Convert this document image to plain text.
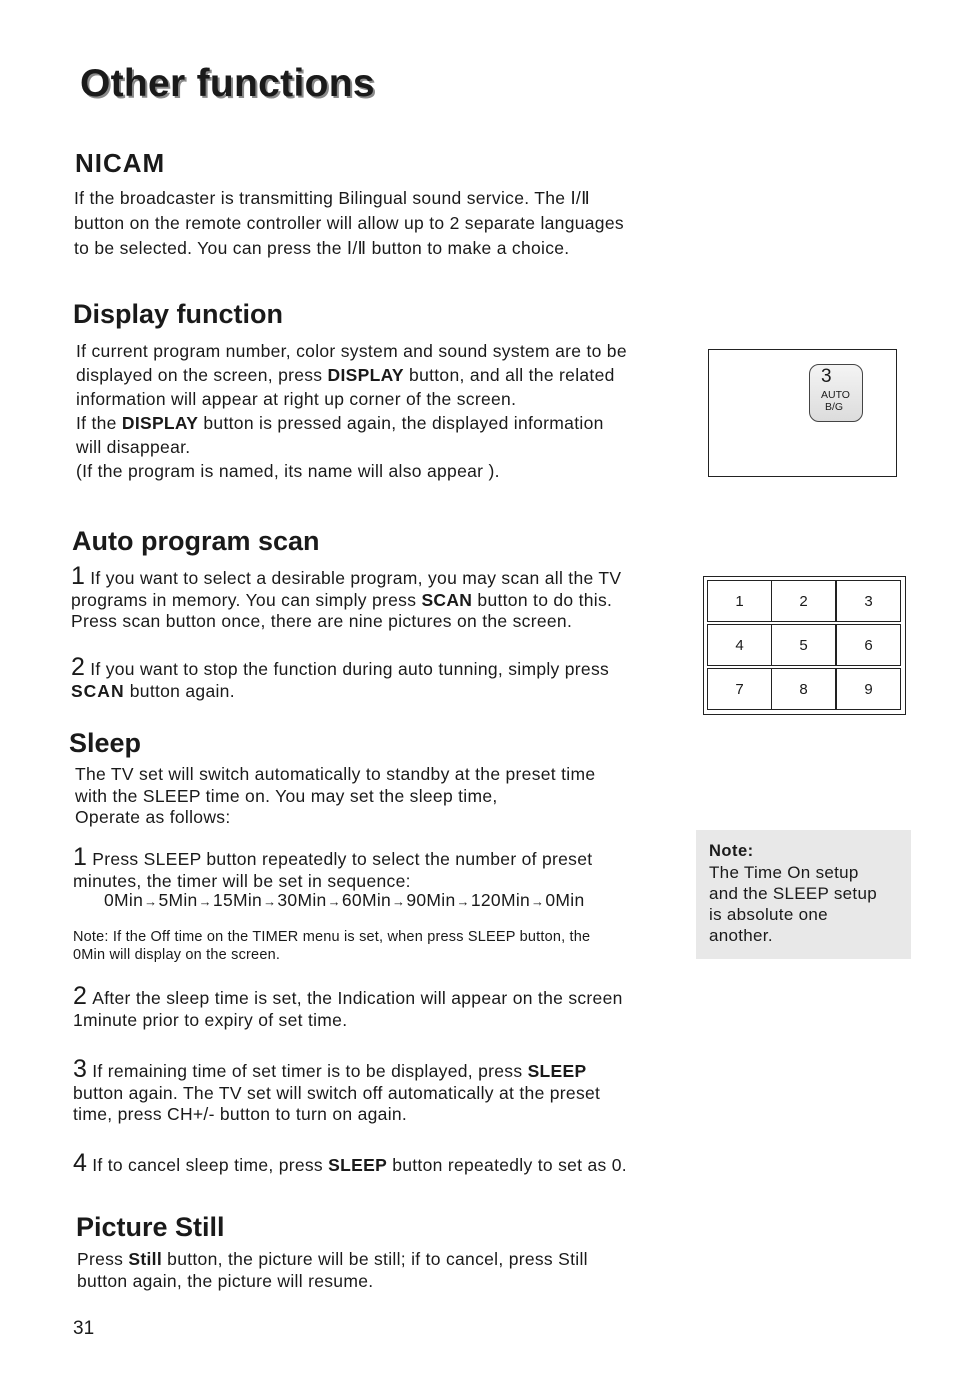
Other functions
NICAM
If the broadcaster is transmitting Bilingual sound service. The Ⅰ/Ⅱ
button on the remote controller will allow up to 2 separate languages
to be selected. You can press the Ⅰ/Ⅱ button to make a choice.
Display function
If current program number, color system and sound system are to be
displayed on the screen, press DISPLAY button, and all the related
information will appear at right up corner of the screen.
If the DISPLAY button is pressed again, the displayed information
will disappear.
(If the program is named, its name will also appear ).
3
AUTO
B/G
Auto program scan
1 If you want to select a desirable program, you may scan all the TV
programs in memory. You can simply press SCAN button to do this.
Press scan button once, there are nine pictures on the screen.
2 If you want to stop the function during auto tunning, simply press
SCAN button again.
1	2	3
4	5	6
7	8	9
Sleep
The TV set will switch automatically to standby at the preset time
with the SLEEP time on. You may set the sleep time,
Operate as follows:
1 Press SLEEP button repeatedly to select the number of preset
minutes, the timer will be set in sequence:
0Min→5Min→15Min→30Min→60Min→90Min→120Min→0Min
Note: If the Off time on the TIMER menu is set, when press SLEEP button, the
0Min will display on the screen.
2 After the sleep time is set, the Indication will appear on the screen
1minute prior to expiry of set time.
3 If remaining time of set timer is to be displayed, press SLEEP
button again. The TV set will switch off automatically at the preset
time, press CH+/- button to turn on again.
4 If to cancel sleep time, press SLEEP button repeatedly to set as 0.
Note:
The Time On setup
and the SLEEP setup
is absolute one
another.
Picture Still
Press Still button, the picture will be still; if to cancel, press Still
button again, the picture will resume.
31
